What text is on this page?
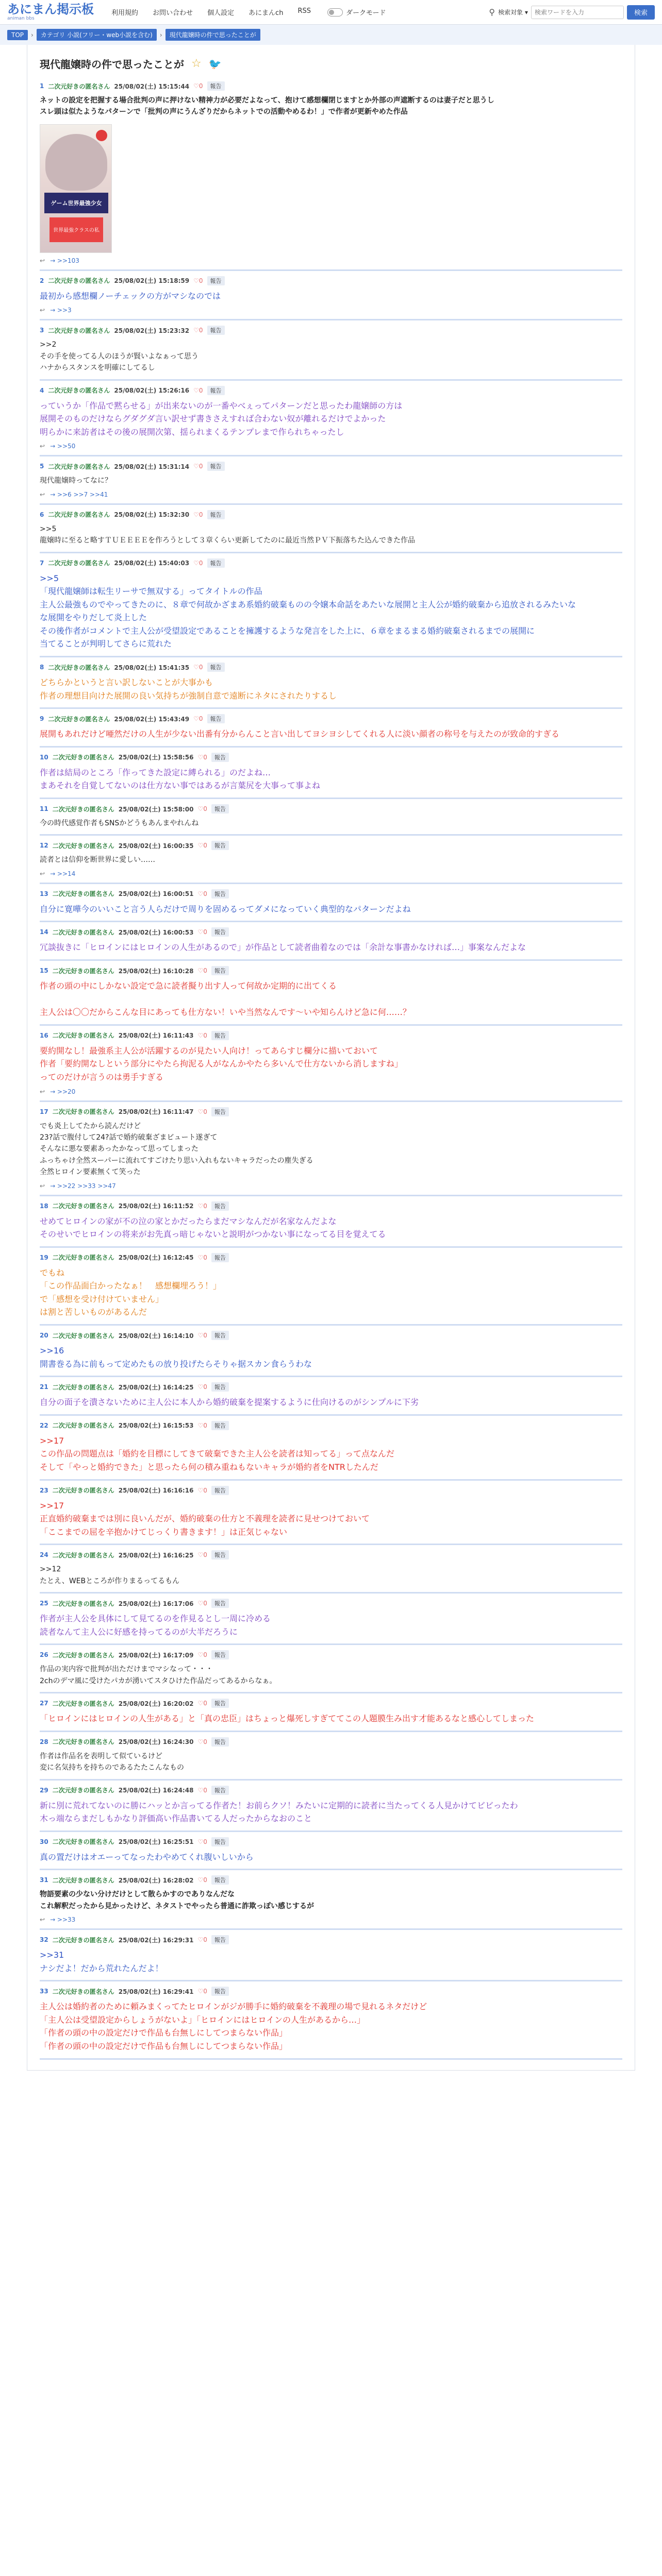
あにまん掲示板
animan bbs
利用規約 お問い合わせ 個人設定 あにまんch RSS	ダークモード	⚲ 検索対象 ▾
検索ワードを入力	検索
TOP	›	カテゴリ 小説(フリー・web小説を含む)	›	現代龍嬢時の件で思ったことが
現代龍嬢時の件で思ったことが ☆ 🐦
1 二次元好きの匿名さん 25/08/02(土) 15:15:44 ♡0	報告
ネットの設定を把握する場合批判の声に押けない精神力が必要だよなって、抱けて感想欄閉じますとか外部の声遮断するのは妻子だと思うし
スレ頭は似たようなパターンで「批判の声にうんざりだからネットでの活動やめるわ！」で作者が更新やめた作品
ゲーム世界最強少女
世界最強クラスの私
↩ → >>103
2 二次元好きの匿名さん 25/08/02(土) 15:18:59 ♡0	報告
最初から感想欄ノーチェックの方がマシなのでは
↩ → >>3
3 二次元好きの匿名さん 25/08/02(土) 15:23:32 ♡0	報告
>>2
その手を使ってる人のほうが賢いよなぁって思う
ハナからスタンスを明確にしてるし
4 二次元好きの匿名さん 25/08/02(土) 15:26:16 ♡0	報告
っていうか「作品で黙らせる」が出来ないのが一番やべぇってパターンだと思ったわ龍嬢師の方は
展開そのものだけならグダグダ言い訳せず書きさえすれば合わない奴が離れるだけでよかった
明らかに来訪者はその後の展開次第、揺られまくるテンプレまで作られちゃったし
↩ → >>50
5 二次元好きの匿名さん 25/08/02(土) 15:31:14 ♡0	報告
現代龍嬢時ってなに？
↩ → >>6 >>7 >>41
6 二次元好きの匿名さん 25/08/02(土) 15:32:30 ♡0	報告
>>5
龍嬢時に至ると略すＴＵＥＥＥＥを作ろうとして３章くらい更新してたのに最近当然ＰＶ下振落ちた込んできた作品
7 二次元好きの匿名さん 25/08/02(土) 15:40:03 ♡0	報告
>>5
「現代龍嬢師は転生リーサで無双する」ってタイトルの作品
主人公最強ものでやってきたのに、８章で何故かざまあ系婚約破棄ものの令嬢本命話をあたいな展開と主人公が婚約破棄から追放されるみたいな
な展開をやりだして炎上した
その後作者がコメントで主人公が受望設定であることを擁護するような発言をした上に、６章をまるまる婚約破棄されるまでの展開に
当てることが判明してさらに荒れた
8 二次元好きの匿名さん 25/08/02(土) 15:41:35 ♡0	報告
どちらかというと言い訳しないことが大事かも
作者の理想目向けた展開の良い気持ちが強制自意で遠断にネタにされたりするし
9 二次元好きの匿名さん 25/08/02(土) 15:43:49 ♡0	報告
展開もあれだけど唖然だけの人生が少ない出番有分からんこと言い出してヨシヨシしてくれる人に淡い顔者の称号を与えたのが致命的すぎる
10 二次元好きの匿名さん 25/08/02(土) 15:58:56 ♡0	報告
作者は結局のところ「作ってきた設定に縛られる」のだよね…
まあそれを自覚してないのは仕方ない事ではあるが言葉尻を大事って事よね
11 二次元好きの匿名さん 25/08/02(土) 15:58:00 ♡0	報告
今の時代感覚作者もSNSかどうもあんまやれんね
12 二次元好きの匿名さん 25/08/02(土) 16:00:35 ♡0	報告
読者とは信仰を断世界に愛しい……
↩ → >>14
13 二次元好きの匿名さん 25/08/02(土) 16:00:51 ♡0	報告
自分に寛嘩今のいいこと言う人らだけで周りを固めるってダメになっていく典型的なパターンだよね
14 二次元好きの匿名さん 25/08/02(土) 16:00:53 ♡0	報告
冗談抜きに「ヒロインにはヒロインの人生があるので」が作品として読者曲着なのでは「余計な事書かなければ…」事案なんだよな
15 二次元好きの匿名さん 25/08/02(土) 16:10:28 ♡0	報告
作者の頭の中にしかない設定で急に読者擬り出す人って何故か定期的に出てくる

主人公は〇〇だからこんな目にあっても仕方ない！いや当然なんです〜いや知らんけど急に何……？
16 二次元好きの匿名さん 25/08/02(土) 16:11:43 ♡0	報告
要約開なし！最強系主人公が活躍するのが見たい人向け！ってあらすじ欄分に描いておいて
作者「要約開なしという部分にやたら拘泥る人がなんかやたら多いんで仕方ないから消しますね」
ってのだけが言うのは勇手すぎる
↩ → >>20
17 二次元好きの匿名さん 25/08/02(土) 16:11:47 ♡0	報告
でも炎上してたから読んだけど
23?話で腹付して24?話で婚約破棄ざまビュート遂ぎて
そんなに悪な要素あったかなって思ってしまった
ふっちゃけ全然スーパーに流れてすごけたり思い入れもないキャラだったの塵失ぎる
全然ヒロイン要素無くて笑った
↩ → >>22 >>33 >>47
18 二次元好きの匿名さん 25/08/02(土) 16:11:52 ♡0	報告
せめてヒロインの家が不の泣の家とかだったらまだマシなんだが名家なんだよな
そのせいでヒロインの将来がお先真っ暗じゃないと説明がつかない事になってる目を覚えてる
19 二次元好きの匿名さん 25/08/02(土) 16:12:45 ♡0	報告
でもね
「この作品面白かったなぁ！　感想欄埋ろう！」
で「感想を受け付けていません」
は割と苦しいものがあるんだ
20 二次元好きの匿名さん 25/08/02(土) 16:14:10 ♡0	報告
>>16
開書巻る為に前もって定めたもの放り投げたらそりゃ据スカン食らうわな
21 二次元好きの匿名さん 25/08/02(土) 16:14:25 ♡0	報告
自分の面子を潰さないために主人公に本人から婚約破棄を提案するように仕向けるのがシンプルに下劣
22 二次元好きの匿名さん 25/08/02(土) 16:15:53 ♡0	報告
>>17
この作品の問題点は「婚約を目標にしてきて破棄できた主人公を読者は知ってる」って点なんだ
そして「やっと婚約できた」と思ったら何の積み重ねもないキャラが婚約者をNTRしたんだ
23 二次元好きの匿名さん 25/08/02(土) 16:16:16 ♡0	報告
>>17
正直婚約破棄までは別に良いんだが、婚約破棄の仕方と不義理を読者に見せつけておいて
「ここまでの屈を辛抱かけてじっくり書きます！」は正気じゃない
24 二次元好きの匿名さん 25/08/02(土) 16:16:25 ♡0	報告
>>12
たとえ、WEBところが作りまるってるもん
25 二次元好きの匿名さん 25/08/02(土) 16:17:06 ♡0	報告
作者が主人公を具体にして見てるのを作見るとし一周に冷める
読者なんて主人公に好感を持ってるのが大半だろうに
26 二次元好きの匿名さん 25/08/02(土) 16:17:09 ♡0	報告
作品の実内容で批判が出ただけまでマシなって・・・
2chのデマ風に受けたパカが湧いてスタひけた作品だってあるからなぁ。
27 二次元好きの匿名さん 25/08/02(土) 16:20:02 ♡0	報告
「ヒロインにはヒロインの人生がある」と「真の忠臣」はちょっと爆死しすぎててこの人題膜生み出す才能あるなと感心してしまった
28 二次元好きの匿名さん 25/08/02(土) 16:24:30 ♡0	報告
作者は作品名を表明して似ているけど
変に名気持ちを持ちのであるたたこんなもの
29 二次元好きの匿名さん 25/08/02(土) 16:24:48 ♡0	報告
新に別に荒れてないのに勝にハッとか言ってる作者た！お前らクソ！みたいに定期的に読者に当たってくる人見かけてビビったわ
木っ端ならまだしもかなり評価高い作品書いてる人だったからなおのこと
30 二次元好きの匿名さん 25/08/02(土) 16:25:51 ♡0	報告
真の置だけはオエーってなったわやめてくれ腹いしいから
31 二次元好きの匿名さん 25/08/02(土) 16:28:02 ♡0	報告
物語要素の少ない分けだけとして散らかすのでありなんだな
これ解釈だったから見かったけど、ネタストでやったら普通に詐欺っぽい感じするが
↩ → >>33
32 二次元好きの匿名さん 25/08/02(土) 16:29:31 ♡0	報告
>>31
ナシだよ！だから荒れたんだよ！
33 二次元好きの匿名さん 25/08/02(土) 16:29:41 ♡0	報告
主人公は婚約者のために頼みまくってたヒロインがジが勝手に婚約破棄を不義理の場で見れるネタだけど
「主人公は受望設定からしょうがないよ」「ヒロインにはヒロインの人生があるから…」
「作者の頭の中の設定だけで作品も台無しにしてつまらない作品」
「作者の頭の中の設定だけで作品も台無しにしてつまらない作品」
